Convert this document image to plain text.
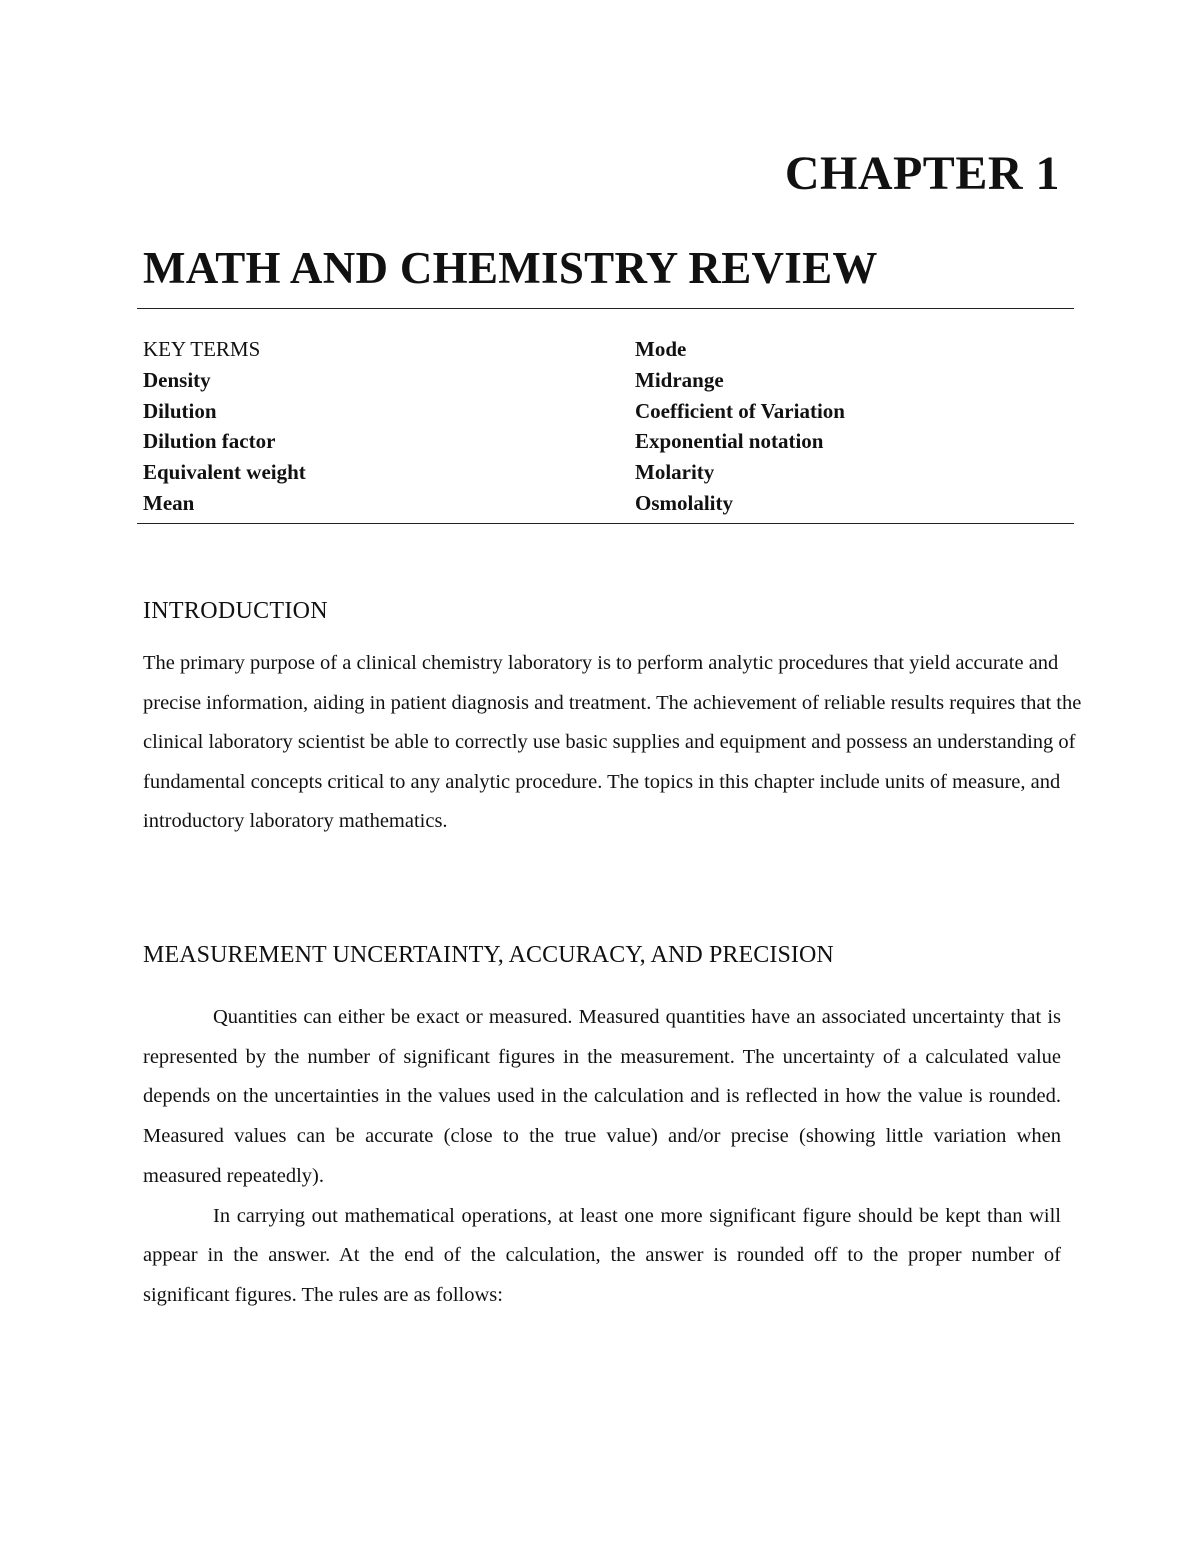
CHAPTER 1
MATH AND CHEMISTRY REVIEW
KEY TERMS
Density
Dilution
Dilution factor
Equivalent weight
Mean
Mode
Midrange
Coefficient of Variation
Exponential notation
Molarity
Osmolality
INTRODUCTION

The primary purpose of a clinical chemistry laboratory is to perform analytic procedures that yield accurate and precise information, aiding in patient diagnosis and treatment. The achievement of reliable results requires that the clinical laboratory scientist be able to correctly use basic supplies and equipment and possess an understanding of fundamental concepts critical to any analytic procedure. The topics in this chapter include units of measure, and introductory laboratory mathematics.

MEASUREMENT UNCERTAINTY, ACCURACY, AND PRECISION

Quantities can either be exact or measured. Measured quantities have an associated uncertainty that is represented by the number of significant figures in the measurement. The uncertainty of a calculated value depends on the uncertainties in the values used in the calculation and is reflected in how the value is rounded. Measured values can be accurate (close to the true value) and/or precise (showing little variation when measured repeatedly).

In carrying out mathematical operations, at least one more significant figure should be kept than will appear in the answer. At the end of the calculation, the answer is rounded off to the proper number of significant figures. The rules are as follows:
